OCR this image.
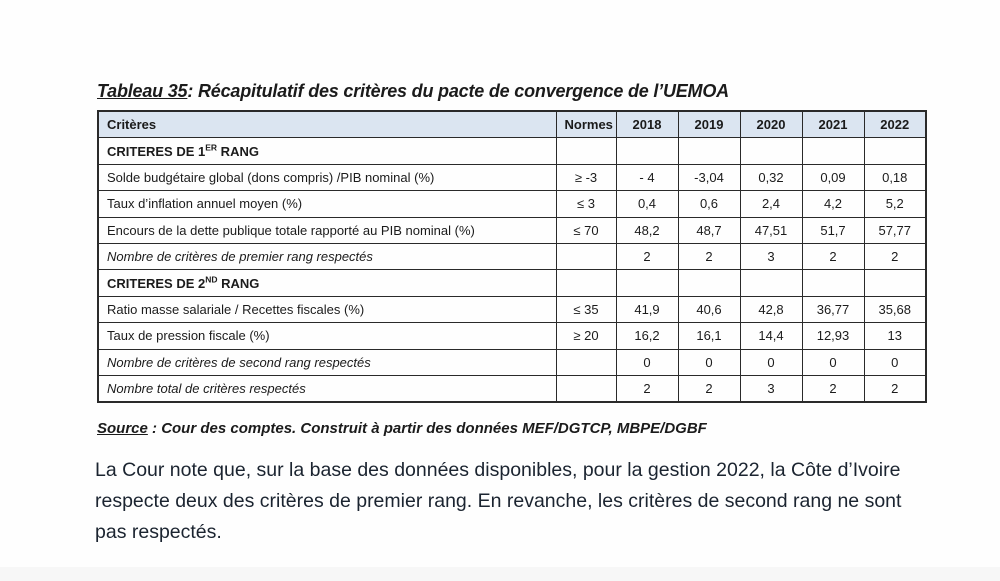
Tableau 35: Récapitulatif des critères du pacte de convergence de l’UEMOA
Critères	Normes	2018	2019	2020	2021	2022
CRITERES DE 1ER RANG						
Solde budgétaire global (dons compris) /PIB nominal (%)	≥ -3	- 4	-3,04	0,32	0,09	0,18
Taux d’inflation annuel moyen (%)	≤ 3	0,4	0,6	2,4	4,2	5,2
Encours de la dette publique totale rapporté au PIB nominal (%)	≤ 70	48,2	48,7	47,51	51,7	57,77
Nombre de critères de premier rang respectés		2	2	3	2	2
CRITERES DE 2ND RANG						
Ratio masse salariale / Recettes fiscales (%)	≤ 35	41,9	40,6	42,8	36,77	35,68
Taux de pression fiscale (%)	≥ 20	16,2	16,1	14,4	12,93	13
Nombre de critères de second rang respectés		0	0	0	0	0
Nombre total de critères respectés		2	2	3	2	2
Source : Cour des comptes. Construit à partir des données MEF/DGTCP, MBPE/DGBF

La Cour note que, sur la base des données disponibles, pour la gestion 2022, la Côte d’Ivoire respecte deux des critères de premier rang. En revanche, les critères de second rang ne sont pas respectés.
